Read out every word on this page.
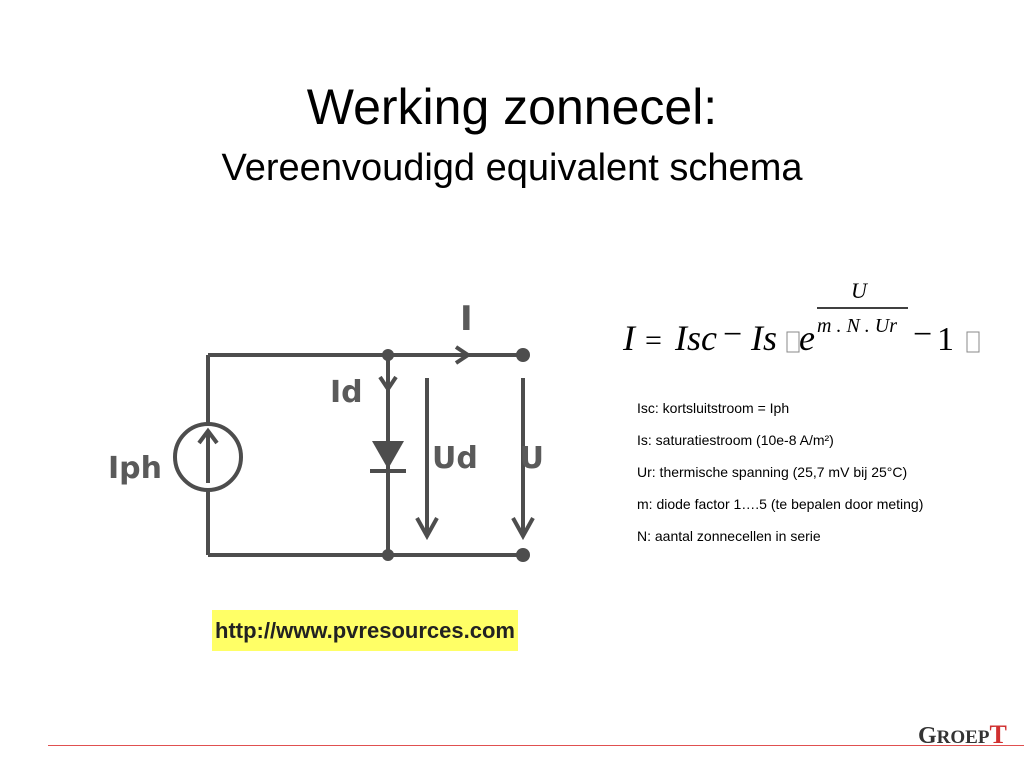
Werking zonnecel:
Vereenvoudigd equivalent schema
Iph
Id
Ud U
I
http://www.pvresources.com
I = Isc − Is e
U
m . N . Ur − 1
Isc: kortsluitstroom = Iph
Is: saturatiestroom (10e-8 A/m²)
Ur: thermische spanning (25,7 mV bij 25°C)
m: diode factor 1….5 (te bepalen door meting)
N: aantal zonnecellen in serie
GROEPT
